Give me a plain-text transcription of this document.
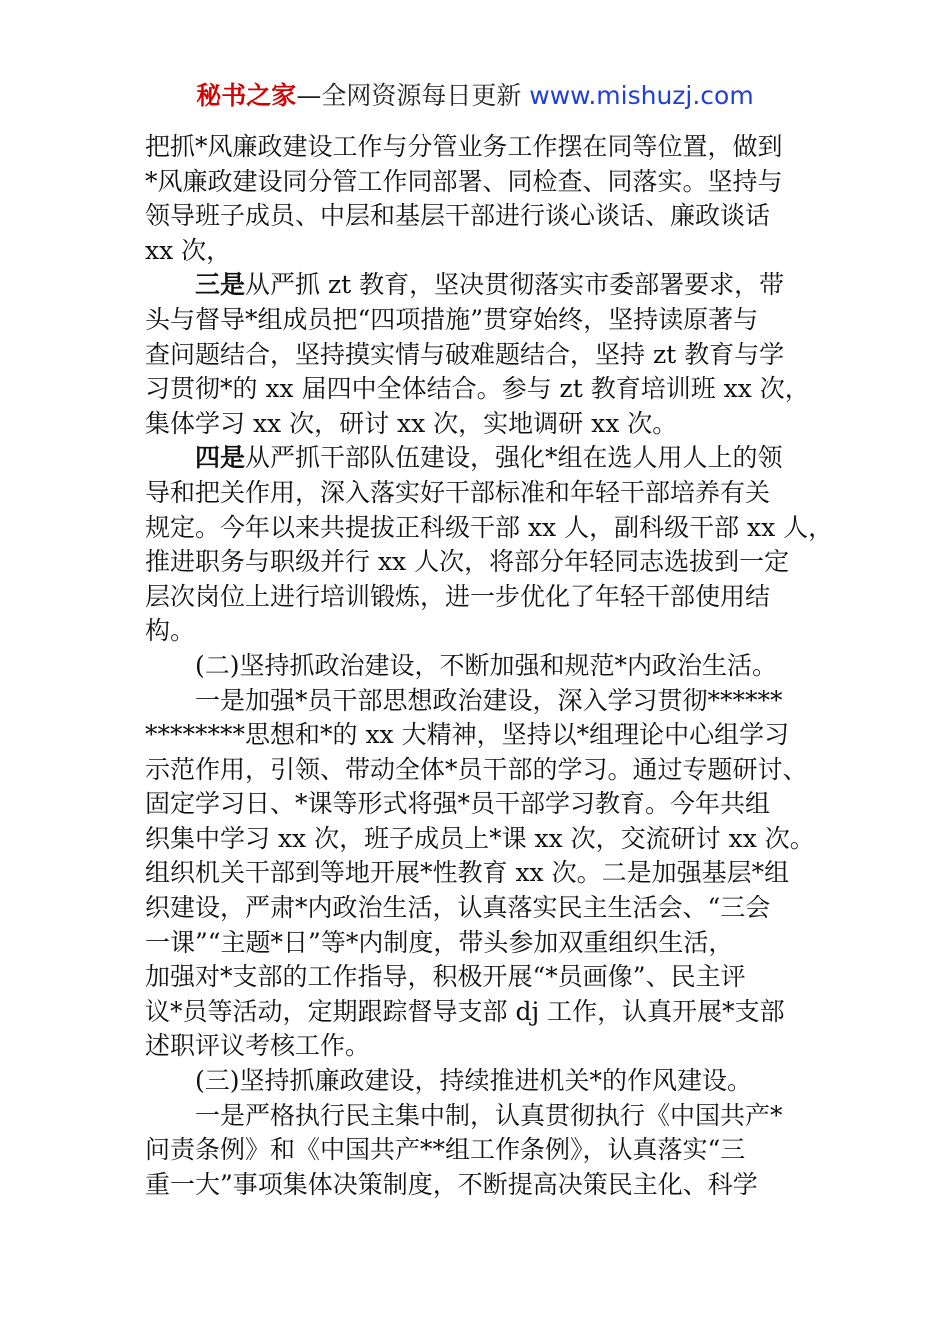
秘书之家—全网资源每日更新 www.mishuzj.com

把抓*风廉政建设工作与分管业务工作摆在同等位置，做到
*风廉政建设同分管工作同部署、同检查、同落实。坚持与
领导班子成员、中层和基层干部进行谈心谈话、廉政谈话
xx 次，

三是从严抓 zt 教育，坚决贯彻落实市委部署要求，带
头与督导*组成员把“四项措施”贯穿始终，坚持读原著与
查问题结合，坚持摸实情与破难题结合，坚持 zt 教育与学
习贯彻*的 xx 届四中全体结合。参与 zt 教育培训班 xx 次，
集体学习 xx 次，研讨 xx 次，实地调研 xx 次。

四是从严抓干部队伍建设，强化*组在选人用人上的领
导和把关作用，深入落实好干部标准和年轻干部培养有关
规定。今年以来共提拔正科级干部 xx 人，副科级干部 xx 人，
推进职务与职级并行 xx 人次，将部分年轻同志选拔到一定
层次岗位上进行培训锻炼，进一步优化了年轻干部使用结
构。

(二)坚持抓政治建设，不断加强和规范*内政治生活。

一是加强*员干部思想政治建设，深入学习贯彻******
********思想和*的 xx 大精神，坚持以*组理论中心组学习
示范作用，引领、带动全体*员干部的学习。通过专题研讨、
固定学习日、*课等形式将强*员干部学习教育。今年共组
织集中学习 xx 次，班子成员上*课 xx 次，交流研讨 xx 次。
组织机关干部到等地开展*性教育 xx 次。二是加强基层*组
织建设，严肃*内政治生活，认真落实民主生活会、“三会
一课”“主题*日”等*内制度，带头参加双重组织生活，
加强对*支部的工作指导，积极开展“*员画像”、民主评
议*员等活动，定期跟踪督导支部 dj 工作，认真开展*支部
述职评议考核工作。

(三)坚持抓廉政建设，持续推进机关*的作风建设。

一是严格执行民主集中制，认真贯彻执行《中国共产*
问责条例》和《中国共产**组工作条例》，认真落实“三
重一大”事项集体决策制度，不断提高决策民主化、科学
